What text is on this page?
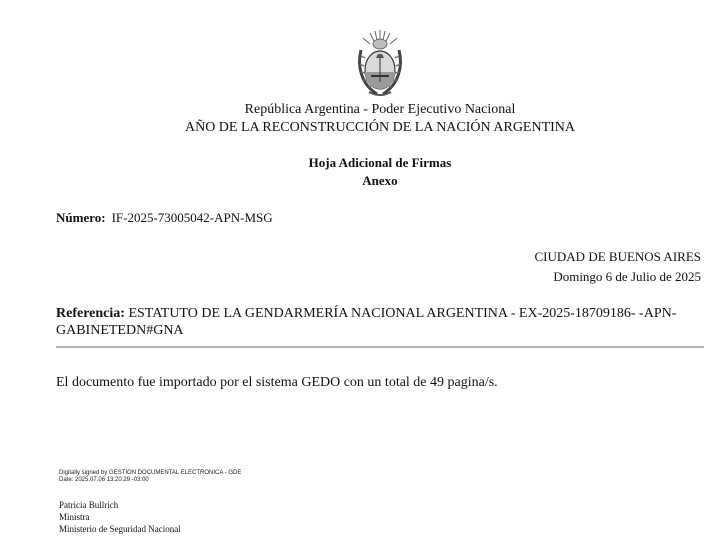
República Argentina - Poder Ejecutivo Nacional
AÑO DE LA RECONSTRUCCIÓN DE LA NACIÓN ARGENTINA
Hoja Adicional de Firmas
Anexo
Número: IF-2025-73005042-APN-MSG
CIUDAD DE BUENOS AIRES
Domingo 6 de Julio de 2025
Referencia: ESTATUTO DE LA GENDARMERÍA NACIONAL ARGENTINA - EX-2025-18709186- -APN-GABINETEDN#GNA
El documento fue importado por el sistema GEDO con un total de 49 pagina/s.
Digitally signed by GESTION DOCUMENTAL ELECTRONICA - GDE
Date: 2025.07.06 13:20:29 -03:00
Patricia Bullrich
Ministra
Ministerio de Seguridad Nacional
